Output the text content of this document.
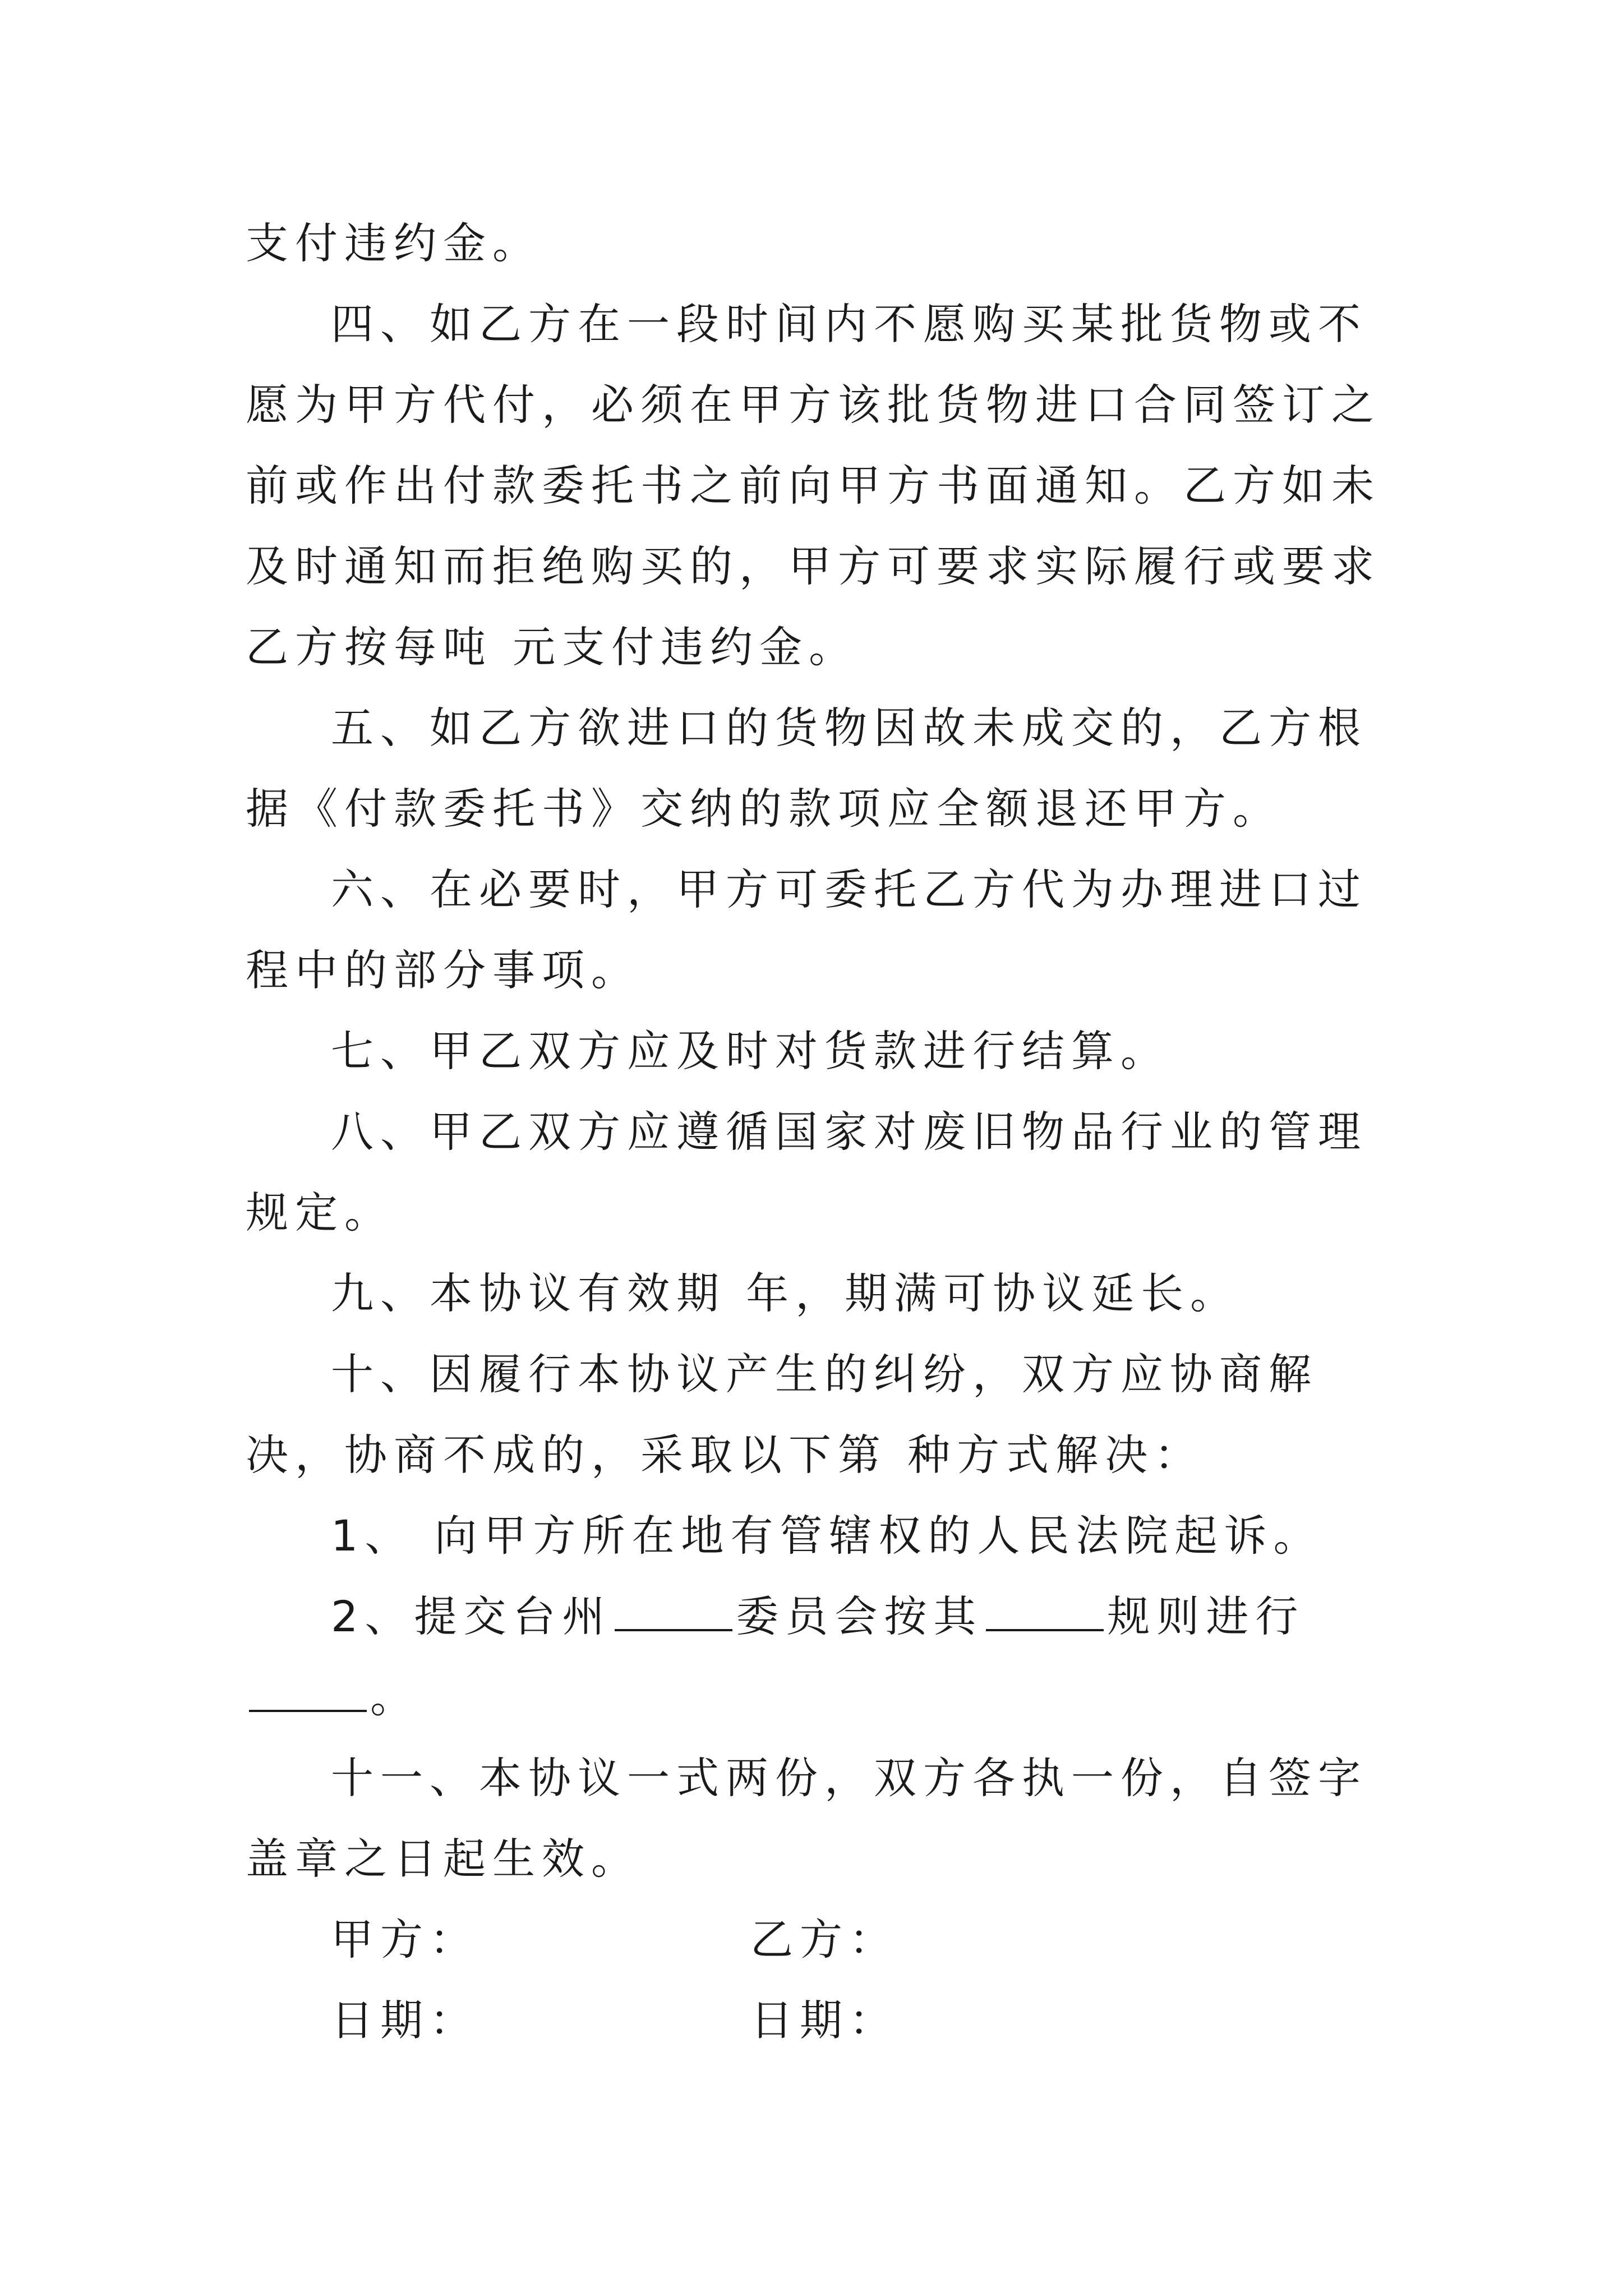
支付违约金。

四、如乙方在一段时间内不愿购买某批货物或不愿为甲方代付，必须在甲方该批货物进口合同签订之前或作出付款委托书之前向甲方书面通知。乙方如未及时通知而拒绝购买的，甲方可要求实际履行或要求乙方按每吨 元支付违约金。

五、如乙方欲进口的货物因故未成交的，乙方根据《付款委托书》交纳的款项应全额退还甲方。

六、在必要时，甲方可委托乙方代为办理进口过程中的部分事项。

七、甲乙双方应及时对货款进行结算。

八、甲乙双方应遵循国家对废旧物品行业的管理规定。

九、本协议有效期 年，期满可协议延长。

十、因履行本协议产生的纠纷，双方应协商解决，协商不成的，采取以下第 种方式解决：

1、 向甲方所在地有管辖权的人民法院起诉。

2、提交台州	委员会按其	规则进行。

十一、本协议一式两份，双方各执一份，自签字盖章之日起生效。

甲方：	乙方：
日期：	日期：
